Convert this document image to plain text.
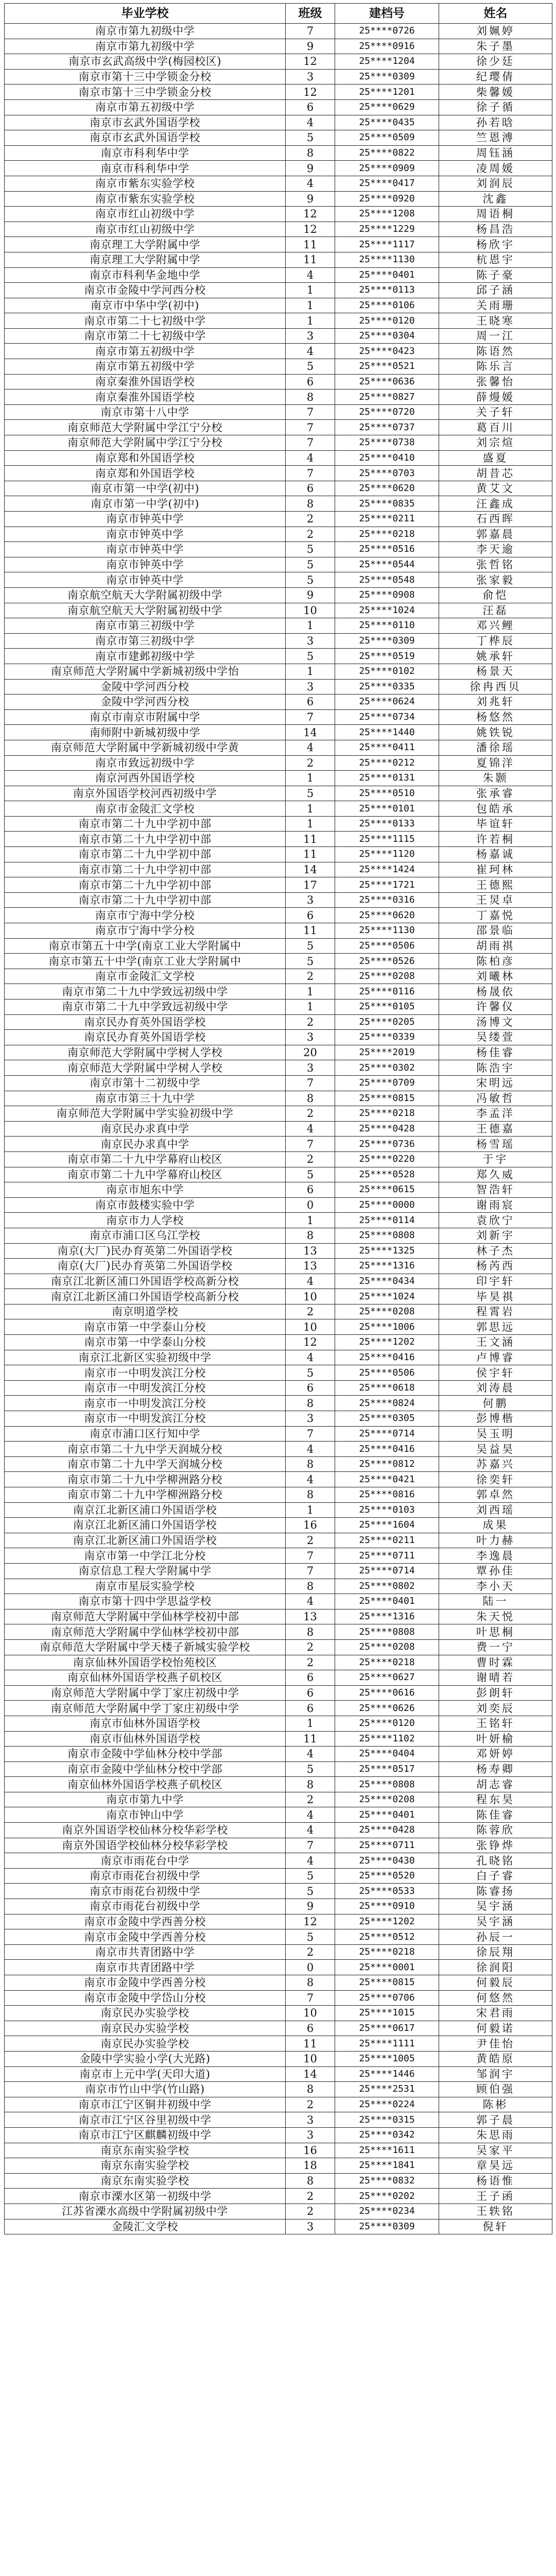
毕业学校	班级	建档号	姓名
南京市第九初级中学	7	25****0726	刘姵婷
南京市第九初级中学	9	25****0916	朱子墨
南京市玄武高级中学(梅园校区)	12	25****1204	徐少廷
南京市第十三中学锁金分校	3	25****0309	纪璎倩
南京市第十三中学锁金分校	12	25****1201	柴馨媛
南京市第五初级中学	6	25****0629	徐子循
南京市玄武外国语学校	4	25****0435	孙若晗
南京市玄武外国语学校	5	25****0509	竺恩溥
南京市科利华中学	8	25****0822	周钰涵
南京市科利华中学	9	25****0909	凌周媛
南京市紫东实验学校	4	25****0417	刘润辰
南京市紫东实验学校	9	25****0920	沈鑫
南京市红山初级中学	12	25****1208	周语桐
南京市红山初级中学	12	25****1229	杨昌浩
南京理工大学附属中学	11	25****1117	杨欣宇
南京理工大学附属中学	11	25****1130	杭恩宇
南京市科利华金地中学	4	25****0401	陈子豪
南京市金陵中学河西分校	1	25****0113	邱子涵
南京市中华中学(初中)	1	25****0106	关雨珊
南京市第二十七初级中学	1	25****0120	王晓寒
南京市第二十七初级中学	3	25****0304	周一江
南京市第五初级中学	4	25****0423	陈语然
南京市第五初级中学	5	25****0521	陈乐言
南京秦淮外国语学校	6	25****0636	张馨怡
南京秦淮外国语学校	8	25****0827	薛熳媛
南京市第十八中学	7	25****0720	关子轩
南京师范大学附属中学江宁分校	7	25****0737	葛百川
南京师范大学附属中学江宁分校	7	25****0738	刘宗煊
南京郑和外国语学校	4	25****0410	盛夏
南京郑和外国语学校	7	25****0703	胡昔芯
南京市第一中学(初中)	6	25****0620	黄艾文
南京市第一中学(初中)	8	25****0835	汪鑫成
南京市钟英中学	2	25****0211	石西晖
南京市钟英中学	2	25****0218	郭嘉晨
南京市钟英中学	5	25****0516	李天逾
南京市钟英中学	5	25****0544	张哲铭
南京市钟英中学	5	25****0548	张家毅
南京航空航天大学附属初级中学	9	25****0908	俞恺
南京航空航天大学附属初级中学	10	25****1024	汪磊
南京市第三初级中学	1	25****0110	邓兴鲤
南京市第三初级中学	3	25****0309	丁桦辰
南京市建邺初级中学	5	25****0519	姚承轩
南京师范大学附属中学新城初级中学怡	1	25****0102	杨景天
金陵中学河西分校	3	25****0335	徐冉西贝
金陵中学河西分校	6	25****0624	刘兆轩
南京市南京市附属中学	7	25****0734	杨悠然
南师附中新城初级中学	14	25****1440	姚铁锐
南京师范大学附属中学新城初级中学黄	4	25****0411	潘徐瑶
南京市致远初级中学	2	25****0212	夏锦洋
南京河西外国语学校	1	25****0131	朱颢
南京外国语学校河西初级中学	5	25****0510	张承睿
南京市金陵汇文学校	1	25****0101	包皓承
南京市第二十九中学初中部	1	25****0133	毕谊轩
南京市第二十九中学初中部	11	25****1115	许若桐
南京市第二十九中学初中部	11	25****1120	杨嘉诚
南京市第二十九中学初中部	14	25****1424	崔珂林
南京市第二十九中学初中部	17	25****1721	王德熙
南京市第二十九中学初中部	3	25****0316	王炅卓
南京市宁海中学分校	6	25****0620	丁嘉悦
南京市宁海中学分校	11	25****1130	邵景临
南京市第五十中学(南京工业大学附属中	5	25****0506	胡雨祺
南京市第五十中学(南京工业大学附属中	5	25****0526	陈柏彦
南京市金陵汇文学校	2	25****0208	刘曦林
南京市第二十九中学致远初级中学	1	25****0116	杨晟依
南京市第二十九中学致远初级中学	1	25****0105	许馨仪
南京民办育英外国语学校	2	25****0205	汤博文
南京民办育英外国语学校	3	25****0339	吴缕萱
南京师范大学附属中学树人学校	20	25****2019	杨佳睿
南京师范大学附属中学树人学校	3	25****0302	陈浩宇
南京市第十二初级中学	7	25****0709	宋明远
南京市第三十九中学	8	25****0815	冯敏哲
南京师范大学附属中学实验初级中学	2	25****0218	李孟洋
南京民办求真中学	4	25****0428	王德嘉
南京民办求真中学	7	25****0736	杨雪瑶
南京市第二十九中学幕府山校区	2	25****0220	于宇
南京市第二十九中学幕府山校区	5	25****0528	郑久威
南京市旭东中学	6	25****0615	智浩轩
南京市鼓楼实验中学	0	25****0000	谢雨宸
南京市力人学校	1	25****0114	袁欣宁
南京市浦口区乌江学校	8	25****0808	刘新宇
南京(大厂)民办育英第二外国语学校	13	25****1325	林子杰
南京(大厂)民办育英第二外国语学校	13	25****1316	杨芮西
南京江北新区浦口外国语学校高新分校	4	25****0434	印宇轩
南京江北新区浦口外国语学校高新分校	10	25****1024	毕昊祺
南京明道学校	2	25****0208	程霄岩
南京市第一中学泰山分校	10	25****1006	郭思远
南京市第一中学泰山分校	12	25****1202	王文涵
南京江北新区实验初级中学	4	25****0416	卢博睿
南京市一中明发滨江分校	5	25****0506	侯宇轩
南京市一中明发滨江分校	6	25****0618	刘涛晨
南京市一中明发滨江分校	8	25****0824	何鹏
南京市一中明发滨江分校	3	25****0305	彭博楷
南京市浦口区行知中学	7	25****0714	吴玉明
南京市第二十九中学天润城分校	4	25****0416	吴益昊
南京市第二十九中学天润城分校	8	25****0812	苏嘉兴
南京市第二十九中学柳洲路分校	4	25****0421	徐奕轩
南京市第二十九中学柳洲路分校	8	25****0816	郭卓然
南京江北新区浦口外国语学校	1	25****0103	刘西瑶
南京江北新区浦口外国语学校	16	25****1604	成果
南京江北新区浦口外国语学校	2	25****0211	叶力赫
南京市第一中学江北分校	7	25****0711	李逸晨
南京信息工程大学附属中学	7	25****0714	覃孙佳
南京市星辰实验学校	8	25****0802	李小天
南京市第十四中学思益学校	4	25****0401	陆一
南京师范大学附属中学仙林学校初中部	13	25****1316	朱天悦
南京师范大学附属中学仙林学校初中部	8	25****0808	叶思桐
南京师范大学附属中学天楼子新城实验学校	2	25****0208	费一宁
南京仙林外国语学校怡苑校区	2	25****0218	曹时霖
南京仙林外国语学校燕子矶校区	6	25****0627	谢晴若
南京师范大学附属中学丁家庄初级中学	6	25****0616	彭朗轩
南京师范大学附属中学丁家庄初级中学	6	25****0626	刘奕辰
南京市仙林外国语学校	1	25****0120	王铭轩
南京市仙林外国语学校	11	25****1102	叶妍榆
南京市金陵中学仙林分校中学部	4	25****0404	邓妍婷
南京市金陵中学仙林分校中学部	5	25****0517	杨寿卿
南京仙林外国语学校燕子矶校区	8	25****0808	胡志睿
南京市第九中学	2	25****0208	程东昊
南京市钟山中学	4	25****0401	陈佳睿
南京外国语学校仙林分校华彩学校	4	25****0428	陈蓉欣
南京外国语学校仙林分校华彩学校	7	25****0711	张铮烨
南京市雨花台中学	4	25****0430	孔晓铭
南京市雨花台初级中学	5	25****0520	白子睿
南京市雨花台初级中学	5	25****0533	陈睿扬
南京市雨花台初级中学	9	25****0910	吴宇涵
南京市金陵中学西善分校	12	25****1202	吴宇涵
南京市金陵中学西善分校	5	25****0512	孙辰一
南京市共青团路中学	2	25****0218	徐辰翔
南京市共青团路中学	0	25****0001	徐润阳
南京市金陵中学西善分校	8	25****0815	何毅辰
南京市金陵中学岱山分校	7	25****0706	何悠然
南京民办实验学校	10	25****1015	宋君雨
南京民办实验学校	6	25****0617	何毅诺
南京民办实验学校	11	25****1111	尹佳怡
金陵中学实验小学(大光路)	10	25****1005	黄皓原
南京市上元中学(天印大道)	14	25****1446	邹润宇
南京市竹山中学(竹山路)	8	25****2531	顾伯强
南京市江宁区铜井初级中学	2	25****0224	陈彬
南京市江宁区谷里初级中学	3	25****0315	郭子晨
南京市江宁区麒麟初级中学	3	25****0342	朱思雨
南京东南实验学校	16	25****1611	吴家平
南京东南实验学校	18	25****1841	章昊远
南京东南实验学校	8	25****0832	杨语惟
南京市溧水区第一初级中学	2	25****0202	王子函
江苏省溧水高级中学附属初级中学	2	25****0234	王轶铭
金陵汇文学校	3	25****0309	倪轩
